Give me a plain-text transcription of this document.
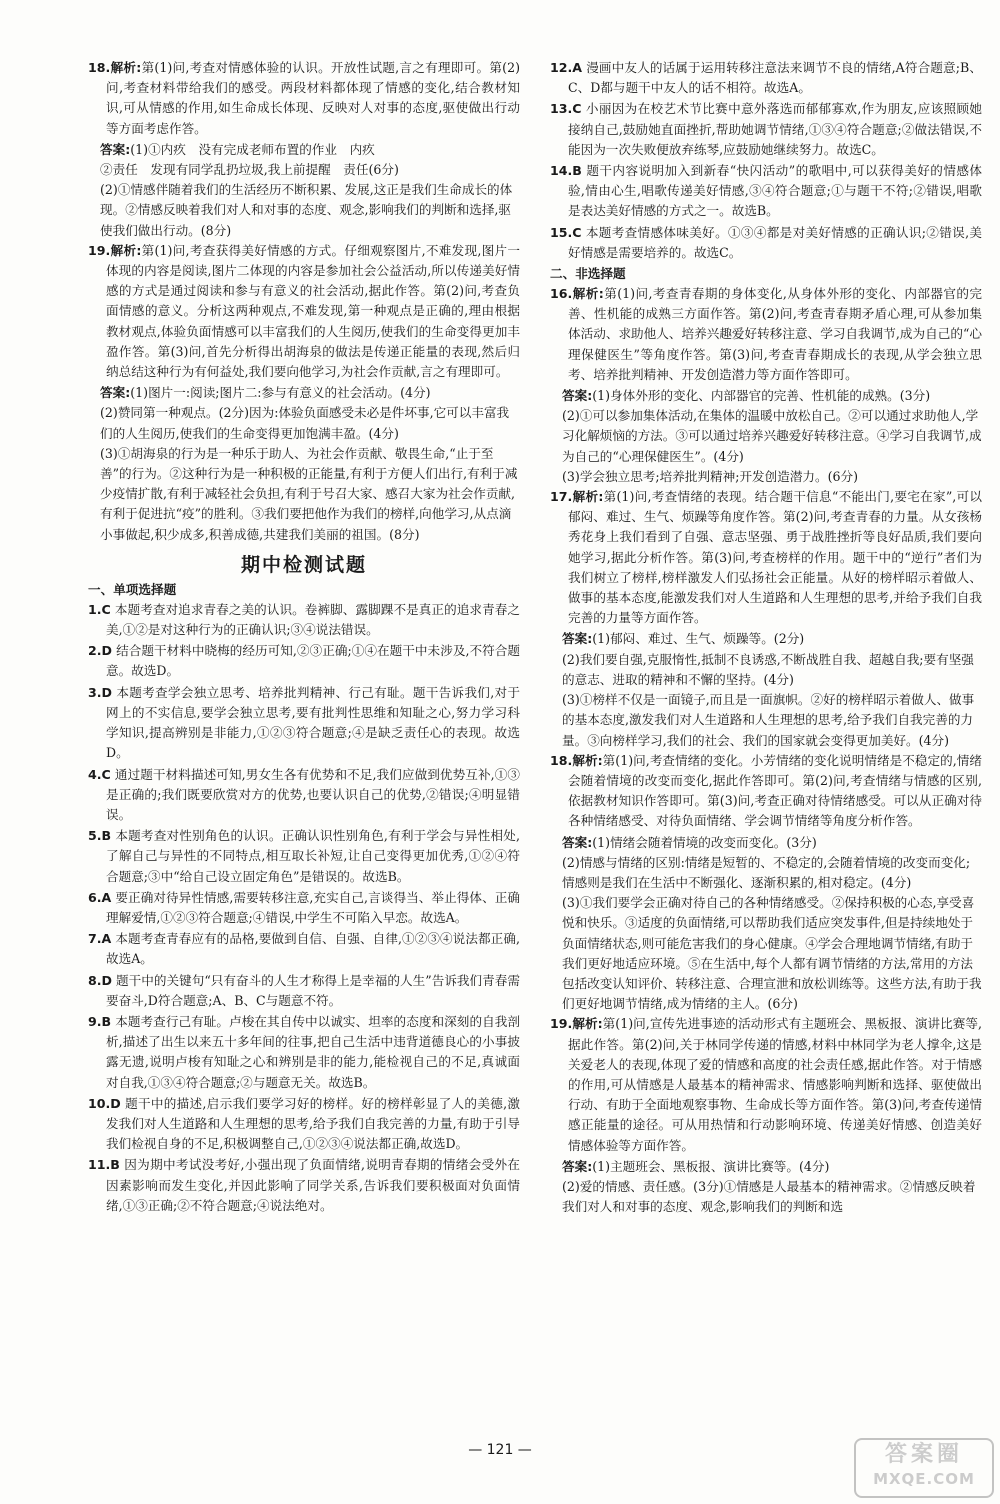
18.解析:第(1)问,考查对情感体验的认识。开放性试题,言之有理即可。第(2)问,考查材料带给我们的感受。两段材料都体现了情感的变化,结合教材知识,可从情感的作用,如生命成长体现、反映对人对事的态度,驱使做出行动等方面考虑作答。
答案:(1)①内疚　没有完成老师布置的作业　内疚
②责任　发现有同学乱扔垃圾,我上前提醒　责任(6分)
(2)①情感伴随着我们的生活经历不断积累、发展,这正是我们生命成长的体现。②情感反映着我们对人和对事的态度、观念,影响我们的判断和选择,驱使我们做出行动。(8分)
19.解析:第(1)问,考查获得美好情感的方式。仔细观察图片,不难发现,图片一体现的内容是阅读,图片二体现的内容是参加社会公益活动,所以传递美好情感的方式是通过阅读和参与有意义的社会活动,据此作答。第(2)问,考查负面情感的意义。分析这两种观点,不难发现,第一种观点是正确的,理由根据教材观点,体验负面情感可以丰富我们的人生阅历,使我们的生命变得更加丰盈作答。第(3)问,首先分析得出胡海泉的做法是传递正能量的表现,然后归纳总结这种行为有何益处,我们要向他学习,为社会作贡献,言之有理即可。
答案:(1)图片一:阅读;图片二:参与有意义的社会活动。(4分)
(2)赞同第一种观点。(2分)因为:体验负面感受未必是件坏事,它可以丰富我们的人生阅历,使我们的生命变得更加饱满丰盈。(4分)
(3)①胡海泉的行为是一种乐于助人、为社会作贡献、敬畏生命,“止于至善”的行为。②这种行为是一种积极的正能量,有利于方便人们出行,有利于减少疫情扩散,有利于减轻社会负担,有利于号召大家、感召大家为社会作贡献,有利于促进抗“疫”的胜利。③我们要把他作为我们的榜样,向他学习,从点滴小事做起,积少成多,积善成德,共建我们美丽的祖国。(8分)
期中检测试题
一、单项选择题
1.C 本题考查对追求青春之美的认识。卷裤脚、露脚踝不是真正的追求青春之美,①②是对这种行为的正确认识;③④说法错误。
2.D 结合题干材料中晓梅的经历可知,②③正确;①④在题干中未涉及,不符合题意。故选D。
3.D 本题考查学会独立思考、培养批判精神、行己有耻。题干告诉我们,对于网上的不实信息,要学会独立思考,要有批判性思维和知耻之心,努力学习科学知识,提高辨别是非能力,①②③符合题意;④是缺乏责任心的表现。故选D。
4.C 通过题干材料描述可知,男女生各有优势和不足,我们应做到优势互补,①③是正确的;我们既要欣赏对方的优势,也要认识自己的优势,②错误;④明显错误。
5.B 本题考查对性别角色的认识。正确认识性别角色,有利于学会与异性相处,了解自己与异性的不同特点,相互取长补短,让自己变得更加优秀,①②④符合题意;③中“给自己设立固定角色”是错误的。故选B。
6.A 要正确对待异性情感,需要转移注意,充实自己,言谈得当、举止得体、正确理解爱情,①②③符合题意;④错误,中学生不可陷入早恋。故选A。
7.A 本题考查青春应有的品格,要做到自信、自强、自律,①②③④说法都正确,故选A。
8.D 题干中的关键句“只有奋斗的人生才称得上是幸福的人生”告诉我们青春需要奋斗,D符合题意;A、B、C与题意不符。
9.B 本题考查行己有耻。卢梭在其自传中以诚实、坦率的态度和深刻的自我剖析,描述了出生以来五十多年间的往事,把自己生活中违背道德良心的小事披露无遗,说明卢梭有知耻之心和辨别是非的能力,能检视自己的不足,真诚面对自我,①③④符合题意;②与题意无关。故选B。
10.D 题干中的描述,启示我们要学习好的榜样。好的榜样彰显了人的美德,激发我们对人生道路和人生理想的思考,给予我们自我完善的力量,有助于引导我们检视自身的不足,积极调整自己,①②③④说法都正确,故选D。
11.B 因为期中考试没考好,小强出现了负面情绪,说明青春期的情绪会受外在因素影响而发生变化,并因此影响了同学关系,告诉我们要积极面对负面情绪,①③正确;②不符合题意;④说法绝对。
12.A 漫画中友人的话属于运用转移注意法来调节不良的情绪,A符合题意;B、C、D都与题干中友人的话不相符。故选A。
13.C 小丽因为在校艺术节比赛中意外落选而郁郁寡欢,作为朋友,应该照顾她接纳自己,鼓励她直面挫折,帮助她调节情绪,①③④符合题意;②做法错误,不能因为一次失败便放弃练琴,应鼓励她继续努力。故选C。
14.B 题干内容说明加入到新春“快闪活动”的歌唱中,可以获得美好的情感体验,情由心生,唱歌传递美好情感,③④符合题意;①与题干不符;②错误,唱歌是表达美好情感的方式之一。故选B。
15.C 本题考查情感体味美好。①③④都是对美好情感的正确认识;②错误,美好情感是需要培养的。故选C。
二、非选择题
16.解析:第(1)问,考查青春期的身体变化,从身体外形的变化、内部器官的完善、性机能的成熟三方面作答。第(2)问,考查青春期矛盾心理,可从参加集体活动、求助他人、培养兴趣爱好转移注意、学习自我调节,成为自己的“心理保健医生”等角度作答。第(3)问,考查青春期成长的表现,从学会独立思考、培养批判精神、开发创造潜力等方面作答即可。
答案:(1)身体外形的变化、内部器官的完善、性机能的成熟。(3分)
(2)①可以参加集体活动,在集体的温暖中放松自己。②可以通过求助他人,学习化解烦恼的方法。③可以通过培养兴趣爱好转移注意。④学习自我调节,成为自己的“心理保健医生”。(4分)
(3)学会独立思考;培养批判精神;开发创造潜力。(6分)
17.解析:第(1)问,考查情绪的表现。结合题干信息“不能出门,要宅在家”,可以郁闷、难过、生气、烦躁等角度作答。第(2)问,考查青春的力量。从女孩杨秀花身上我们看到了自强、意志坚强、勇于战胜挫折等良好品质,我们要向她学习,据此分析作答。第(3)问,考查榜样的作用。题干中的“逆行”者们为我们树立了榜样,榜样激发人们弘扬社会正能量。从好的榜样昭示着做人、做事的基本态度,能激发我们对人生道路和人生理想的思考,并给予我们自我完善的力量等方面作答。
答案:(1)郁闷、难过、生气、烦躁等。(2分)
(2)我们要自强,克服惰性,抵制不良诱惑,不断战胜自我、超越自我;要有坚强的意志、进取的精神和不懈的坚持。(4分)
(3)①榜样不仅是一面镜子,而且是一面旗帜。②好的榜样昭示着做人、做事的基本态度,激发我们对人生道路和人生理想的思考,给予我们自我完善的力量。③向榜样学习,我们的社会、我们的国家就会变得更加美好。(4分)
18.解析:第(1)问,考查情绪的变化。小芳情绪的变化说明情绪是不稳定的,情绪会随着情境的改变而变化,据此作答即可。第(2)问,考查情绪与情感的区别,依据教材知识作答即可。第(3)问,考查正确对待情绪感受。可以从正确对待各种情绪感受、对待负面情绪、学会调节情绪等角度分析作答。
答案:(1)情绪会随着情境的改变而变化。(3分)
(2)情感与情绪的区别:情绪是短暂的、不稳定的,会随着情境的改变而变化;情感则是我们在生活中不断强化、逐渐积累的,相对稳定。(4分)
(3)①我们要学会正确对待自己的各种情绪感受。②保持积极的心态,享受喜悦和快乐。③适度的负面情绪,可以帮助我们适应突发事件,但是持续地处于负面情绪状态,则可能危害我们的身心健康。④学会合理地调节情绪,有助于我们更好地适应环境。⑤在生活中,每个人都有调节情绪的方法,常用的方法包括改变认知评价、转移注意、合理宣泄和放松训练等。这些方法,有助于我们更好地调节情绪,成为情绪的主人。(6分)
19.解析:第(1)问,宣传先进事迹的活动形式有主题班会、黑板报、演讲比赛等,据此作答。第(2)问,关于林同学传递的情感,材料中林同学为老人撑伞,这是关爱老人的表现,体现了爱的情感和高度的社会责任感,据此作答。对于情感的作用,可从情感是人最基本的精神需求、情感影响判断和选择、驱使做出行动、有助于全面地观察事物、生命成长等方面作答。第(3)问,考查传递情感正能量的途径。可从用热情和行动影响环境、传递美好情感、创造美好情感体验等方面作答。
答案:(1)主题班会、黑板报、演讲比赛等。(4分)
(2)爱的情感、责任感。(3分)①情感是人最基本的精神需求。②情感反映着我们对人和对事的态度、观念,影响我们的判断和选
— 121 —	答案圈
MXQE.COM
